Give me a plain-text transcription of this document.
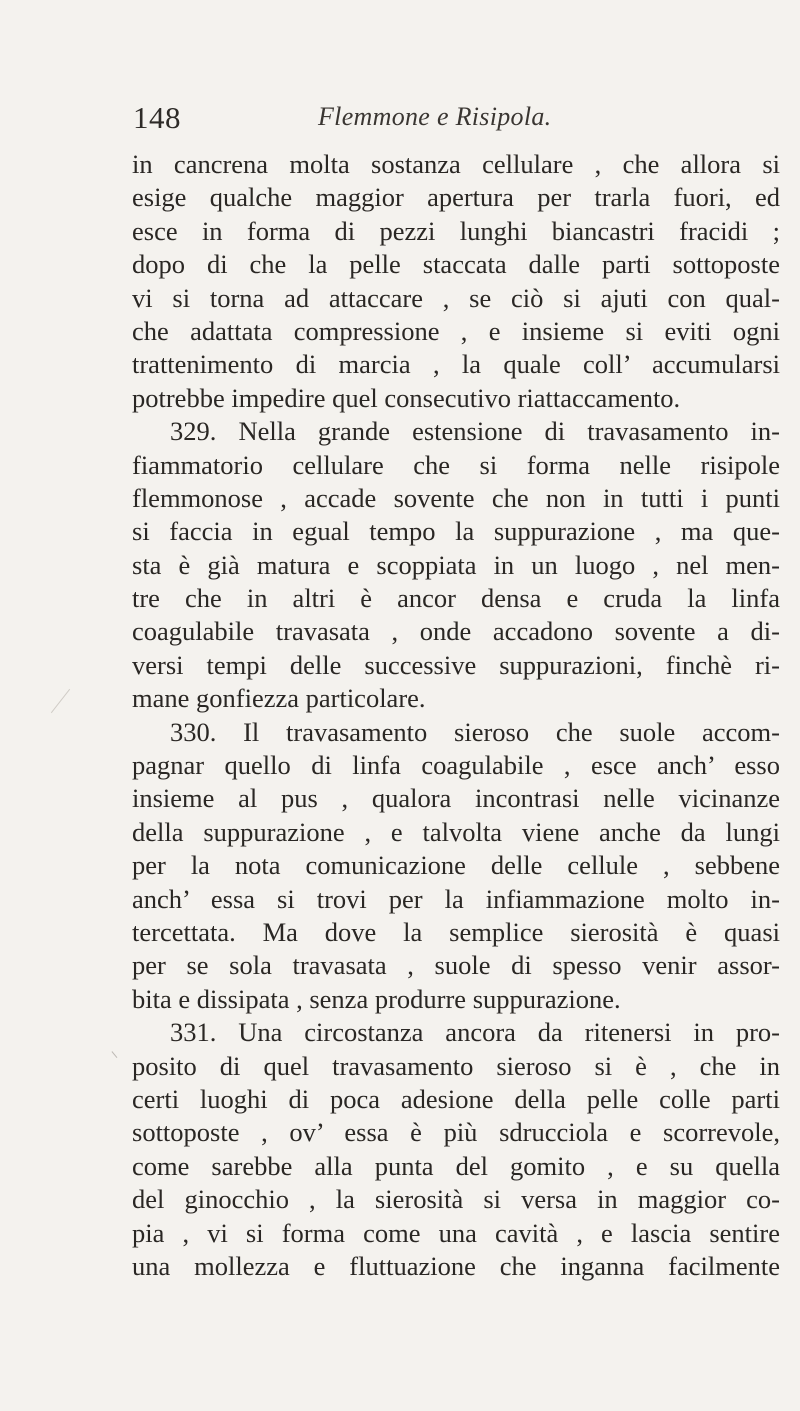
148	Flemmone e Risipola.
in cancrena molta sostanza cellulare , che allora si
esige qualche maggior apertura per trarla fuori, ed
esce in forma di pezzi lunghi biancastri fracidi ;
dopo di che la pelle staccata dalle parti sottoposte
vi si torna ad attaccare , se ciò si ajuti con qual-
che adattata compressione , e insieme si eviti ogni
trattenimento di marcia , la quale coll’ accumularsi
potrebbe impedire quel consecutivo riattaccamento.
329. Nella grande estensione di travasamento in-
fiammatorio cellulare che si forma nelle risipole
flemmonose , accade sovente che non in tutti i punti
si faccia in egual tempo la suppurazione , ma que-
sta è già matura e scoppiata in un luogo , nel men-
tre che in altri è ancor densa e cruda la linfa
coagulabile travasata , onde accadono sovente a di-
versi tempi delle successive suppurazioni, finchè ri-
mane gonfiezza particolare.
330. Il travasamento sieroso che suole accom-
pagnar quello di linfa coagulabile , esce anch’ esso
insieme al pus , qualora incontrasi nelle vicinanze
della suppurazione , e talvolta viene anche da lungi
per la nota comunicazione delle cellule , sebbene
anch’ essa si trovi per la infiammazione molto in-
tercettata. Ma dove la semplice sierosità è quasi
per se sola travasata , suole di spesso venir assor-
bita e dissipata , senza produrre suppurazione.
331. Una circostanza ancora da ritenersi in pro-
posito di quel travasamento sieroso si è , che in
certi luoghi di poca adesione della pelle colle parti
sottoposte , ov’ essa è più sdrucciola e scorrevole,
come sarebbe alla punta del gomito , e su quella
del ginocchio , la sierosità si versa in maggior co-
pia , vi si forma come una cavità , e lascia sentire
una mollezza e fluttuazione che inganna facilmente
